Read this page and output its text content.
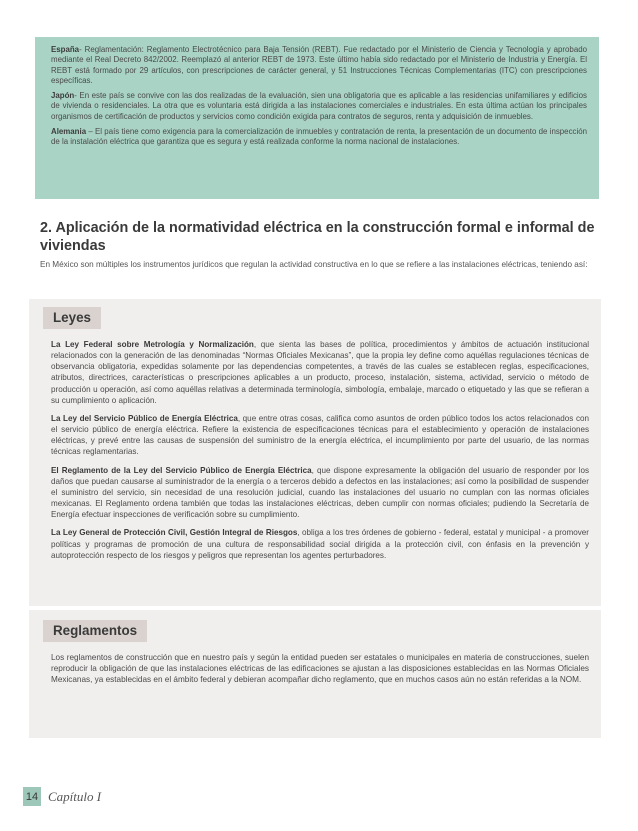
España- Reglamentación: Reglamento Electrotécnico para Baja Tensión (REBT). Fue redactado por el Ministerio de Ciencia y Tecnología y aprobado mediante el Real Decreto 842/2002. Reemplazó al anterior REBT de 1973. Este último había sido redactado por el Ministerio de Industria y Energía. El REBT está formado por 29 artículos, con prescripciones de carácter general, y 51 Instrucciones Técnicas Complementarias (ITC) con prescripciones específicas.

Japón- En este país se convive con las dos realizadas de la evaluación, sien una obligatoria que es aplicable a las residencias unifamiliares y edificios de vivienda o residenciales. La otra que es voluntaria está dirigida a las instalaciones comerciales e industriales. En esta última actúan los principales organismos de certificación de productos y servicios como condición exigida para contratos de seguros, renta y adquisición de inmuebles.

Alemania – El país tiene como exigencia para la comercialización de inmuebles y contratación de renta, la presentación de un documento de inspección de la instalación eléctrica que garantiza que es segura y está realizada conforme la norma nacional de instalaciones.

2. Aplicación de la normatividad eléctrica en la construcción formal e informal de viviendas

En México son múltiples los instrumentos jurídicos que regulan la actividad constructiva en lo que se refiere a las instalaciones eléctricas, teniendo así:

Leyes

La Ley Federal sobre Metrología y Normalización, que sienta las bases de política, procedimientos y ámbitos de actuación institucional relacionados con la generación de las denominadas “Normas Oficiales Mexicanas”, que la propia ley define como aquéllas regulaciones técnicas de observancia obligatoria, expedidas solamente por las dependencias competentes, a través de las cuales se establecen reglas, especificaciones, atributos, directrices, características o prescripciones aplicables a un producto, proceso, instalación, sistema, actividad, servicio o método de producción u operación, así como aquéllas relativas a determinada terminología, simbología, embalaje, marcado o etiquetado y las que se refieran a su cumplimiento o aplicación.

La Ley del Servicio Público de Energía Eléctrica, que entre otras cosas, califica como asuntos de orden público todos los actos relacionados con el servicio público de energía eléctrica. Refiere la existencia de especificaciones técnicas para el establecimiento y operación de instalaciones eléctricas, y prevé entre las causas de suspensión del suministro de la energía eléctrica, el incumplimiento por parte del usuario, de las normas técnicas reglamentarias.

El Reglamento de la Ley del Servicio Público de Energía Eléctrica, que dispone expresamente la obligación del usuario de responder por los daños que puedan causarse al suministrador de la energía o a terceros debido a defectos en las instalaciones; así como la posibilidad de suspender el suministro del servicio, sin necesidad de una resolución judicial, cuando las instalaciones del usuario no cumplan con las normas oficiales mexicanas. El Reglamento ordena también que todas las instalaciones eléctricas, deben cumplir con normas oficiales; pudiendo la Secretaría de Energía efectuar inspecciones de verificación sobre su cumplimiento.

La Ley General de Protección Civil, Gestión Integral de Riesgos, obliga a los tres órdenes de gobierno - federal, estatal y municipal - a promover políticas y programas de promoción de una cultura de responsabilidad social dirigida a la protección civil, con énfasis en la prevención y autoprotección respecto de los riesgos y peligros que representan los agentes perturbadores.

Reglamentos

Los reglamentos de construcción que en nuestro país y según la entidad pueden ser estatales o municipales en materia de construcciones, suelen reproducir la obligación de que las instalaciones eléctricas de las edificaciones se ajustan a las disposiciones establecidas en las Normas Oficiales Mexicanas, ya establecidas en el ámbito federal y debieran acompañar dicho reglamento, que en muchos casos aún no están referidas a la NOM.

14 Capítulo I
